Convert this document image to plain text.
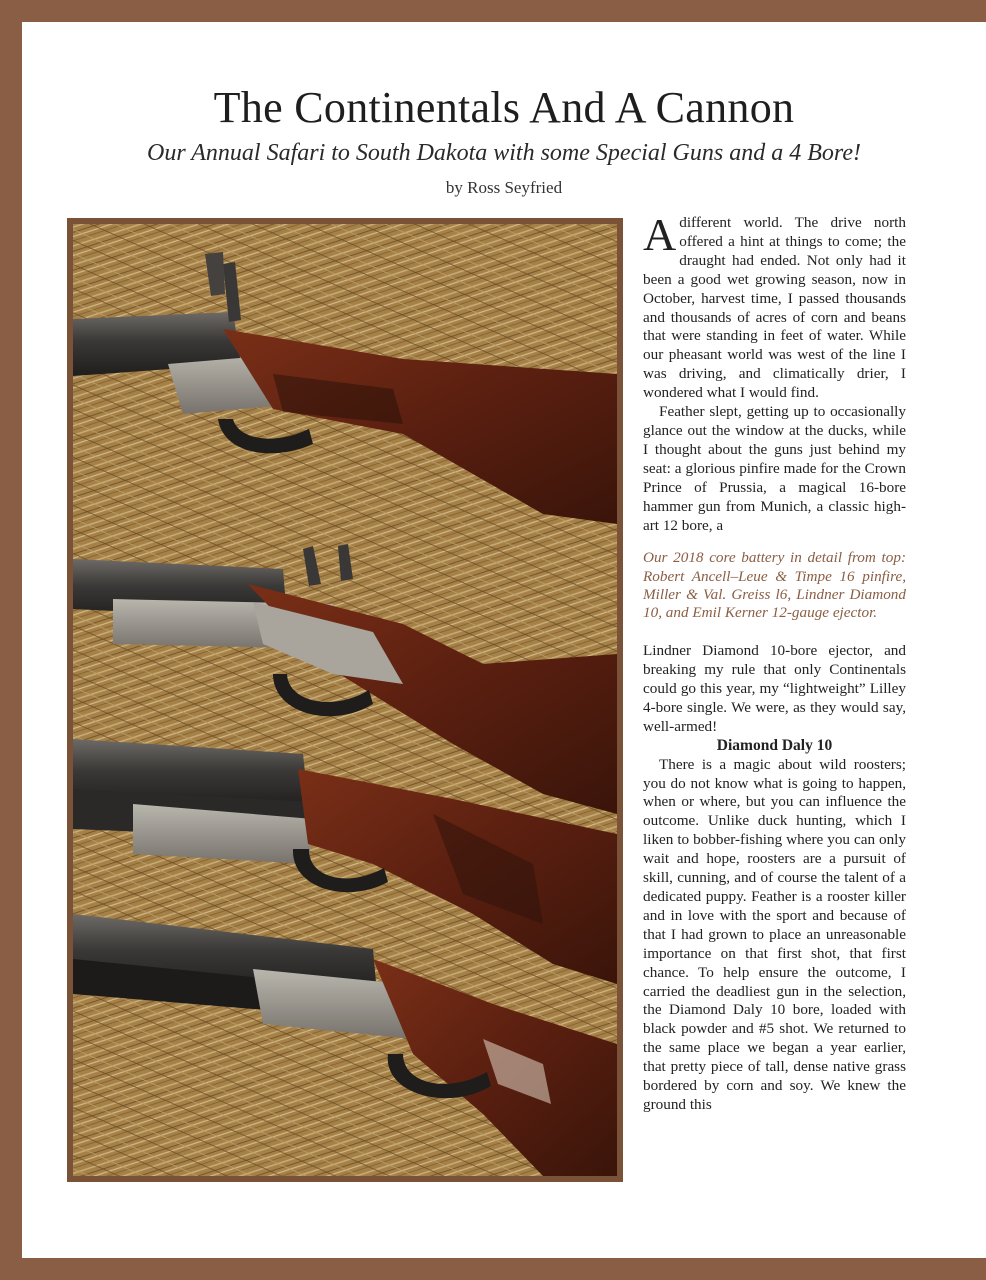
The Continentals And A Cannon
Our Annual Safari to South Dakota with some Special Guns and a 4 Bore!
by Ross Seyfried

A different world. The drive north offered a hint at things to come; the draught had ended. Not only had it been a good wet growing season, now in October, harvest time, I passed thousands and thousands of acres of corn and beans that were standing in feet of water. While our pheasant world was west of the line I was driving, and climatically drier, I wondered what I would find.

Feather slept, getting up to occasionally glance out the window at the ducks, while I thought about the guns just behind my seat: a glorious pinfire made for the Crown Prince of Prussia, a magical 16-bore hammer gun from Munich, a classic high-art 12 bore, a

Our 2018 core battery in detail from top: Robert Ancell–Leue & Timpe 16 pinfire, Miller & Val. Greiss l6, Lindner Diamond 10, and Emil Kerner 12-gauge ejector.

Lindner Diamond 10-bore ejector, and breaking my rule that only Continentals could go this year, my “lightweight” Lilley 4-bore single. We were, as they would say, well-armed!

Diamond Daly 10

There is a magic about wild roosters; you do not know what is going to happen, when or where, but you can influence the outcome. Unlike duck hunting, which I liken to bobber-fishing where you can only wait and hope, roosters are a pursuit of skill, cunning, and of course the talent of a dedicated puppy. Feather is a rooster killer and in love with the sport and because of that I had grown to place an unreasonable importance on that first shot, that first chance. To help ensure the outcome, I carried the deadliest gun in the selection, the Diamond Daly 10 bore, loaded with black powder and #5 shot. We returned to the same place we began a year earlier, that pretty piece of tall, dense native grass bordered by corn and soy. We knew the ground this
